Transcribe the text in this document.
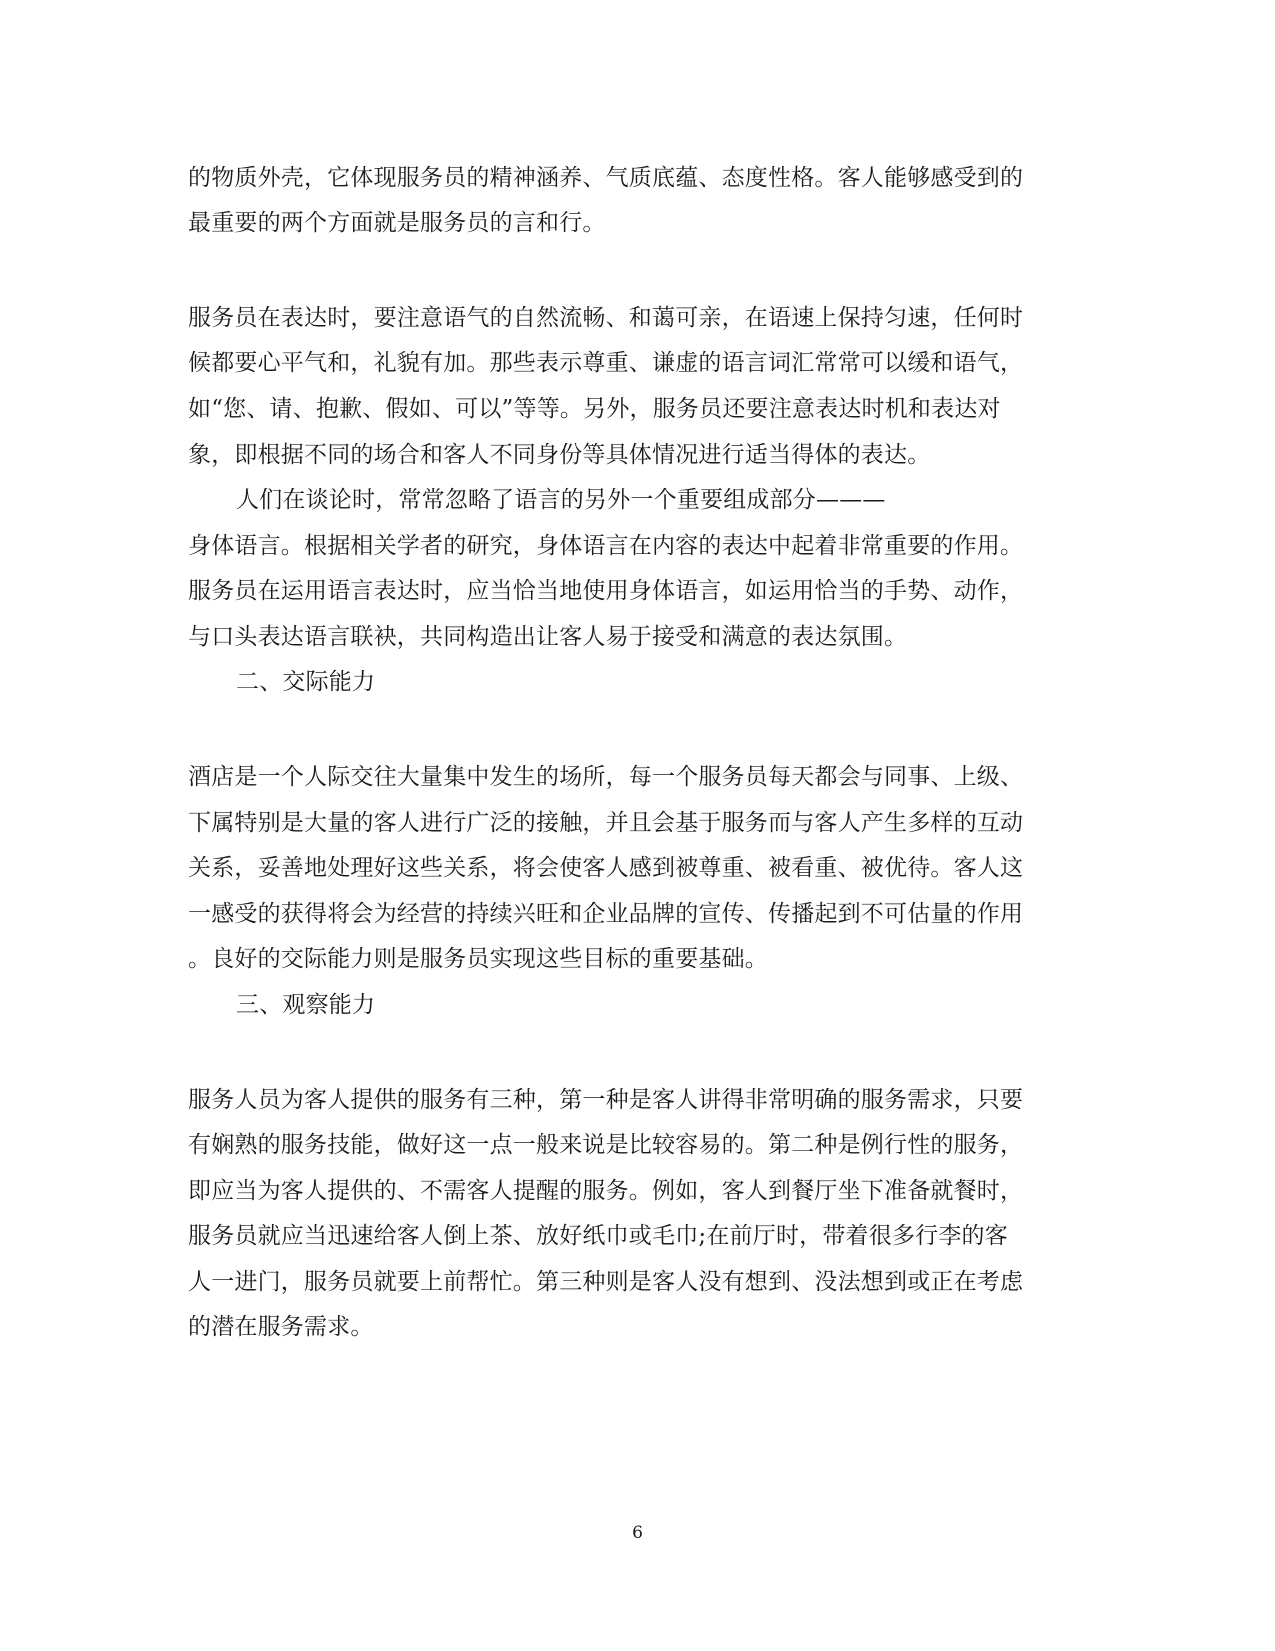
的物质外壳，它体现服务员的精神涵养、气质底蕴、态度性格。客人能够感受到的
最重要的两个方面就是服务员的言和行。
服务员在表达时，要注意语气的自然流畅、和蔼可亲，在语速上保持匀速，任何时
候都要心平气和，礼貌有加。那些表示尊重、谦虚的语言词汇常常可以缓和语气，
如“您、请、抱歉、假如、可以”等等。另外，服务员还要注意表达时机和表达对
象，即根据不同的场合和客人不同身份等具体情况进行适当得体的表达。
人们在谈论时，常常忽略了语言的另外一个重要组成部分———
身体语言。根据相关学者的研究，身体语言在内容的表达中起着非常重要的作用。
服务员在运用语言表达时，应当恰当地使用身体语言，如运用恰当的手势、动作，
与口头表达语言联袂，共同构造出让客人易于接受和满意的表达氛围。
二、交际能力
酒店是一个人际交往大量集中发生的场所，每一个服务员每天都会与同事、上级、
下属特别是大量的客人进行广泛的接触，并且会基于服务而与客人产生多样的互动
关系，妥善地处理好这些关系，将会使客人感到被尊重、被看重、被优待。客人这
一感受的获得将会为经营的持续兴旺和企业品牌的宣传、传播起到不可估量的作用
。良好的交际能力则是服务员实现这些目标的重要基础。
三、观察能力
服务人员为客人提供的服务有三种，第一种是客人讲得非常明确的服务需求，只要
有娴熟的服务技能，做好这一点一般来说是比较容易的。第二种是例行性的服务，
即应当为客人提供的、不需客人提醒的服务。例如，客人到餐厅坐下准备就餐时，
服务员就应当迅速给客人倒上茶、放好纸巾或毛巾;在前厅时，带着很多行李的客
人一进门，服务员就要上前帮忙。第三种则是客人没有想到、没法想到或正在考虑
的潜在服务需求。
6
